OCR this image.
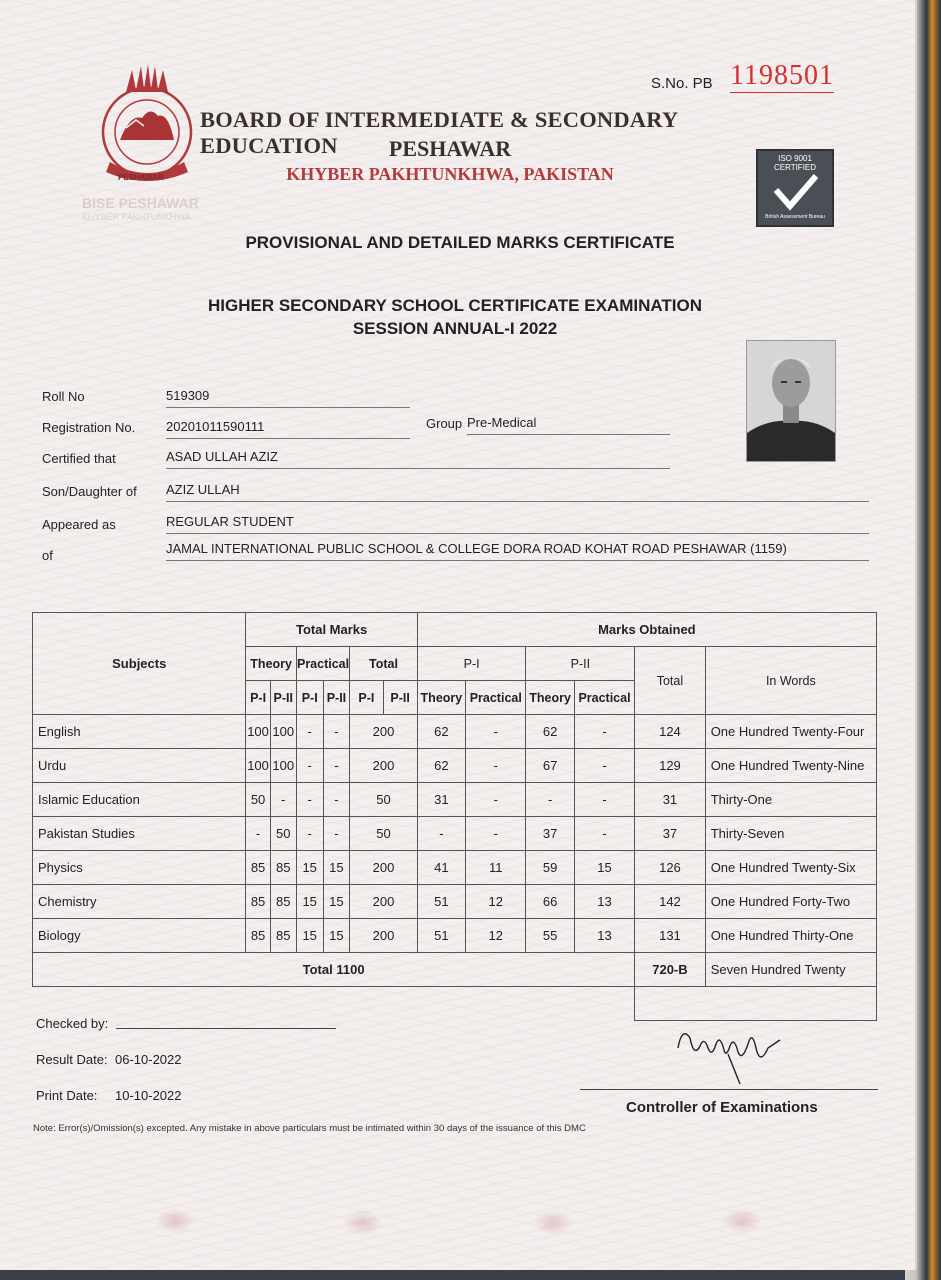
PESHAWAR
BISE PESHAWAR
KHYBER PAKHTUNKHWA
BOARD OF INTERMEDIATE & SECONDARY EDUCATION	PESHAWAR
KHYBER PAKHTUNKHWA, PAKISTAN
S.No. PB 1198501
ISO 9001 CERTIFIED
British Assessment Bureau
PROVISIONAL AND DETAILED MARKS CERTIFICATE
HIGHER SECONDARY SCHOOL CERTIFICATE EXAMINATION
SESSION ANNUAL-I 2022
Roll No	519309
Registration No. 20201011590111	Group Pre-Medical
Certified that	ASAD ULLAH AZIZ
Son/Daughter of AZIZ ULLAH
Appeared as	REGULAR STUDENT
of	JAMAL INTERNATIONAL PUBLIC SCHOOL & COLLEGE DORA ROAD KOHAT ROAD PESHAWAR (1159)
Subjects	Total Marks						Marks Obtained					
	Theory		Practical		Total		P-I		P-II		Total	In Words
	P-I	P-II	P-I	P-II	P-I	P-II	Theory	Practical	Theory	Practical		
English	100	100	-	-	200		62	-	62	-	124	One Hundred Twenty-Four
Urdu	100	100	-	-	200		62	-	67	-	129	One Hundred Twenty-Nine
Islamic Education	50	-	-	-	50		31	-	-	-	31	Thirty-One
Pakistan Studies	-	50	-	-	50		-	-	37	-	37	Thirty-Seven
Physics	85	85	15	15	200		41	11	59	15	126	One Hundred Twenty-Six
Chemistry	85	85	15	15	200		51	12	66	13	142	One Hundred Forty-Two
Biology	85	85	15	15	200		51	12	55	13	131	One Hundred Thirty-One
Total 1100											720-B	Seven Hundred Twenty

Checked by:
Result Date: 06-10-2022
Print Date: 10-10-2022
Controller of Examinations
Note: Error(s)/Omission(s) excepted. Any mistake in above particulars must be intimated within 30 days of the issuance of this DMC
